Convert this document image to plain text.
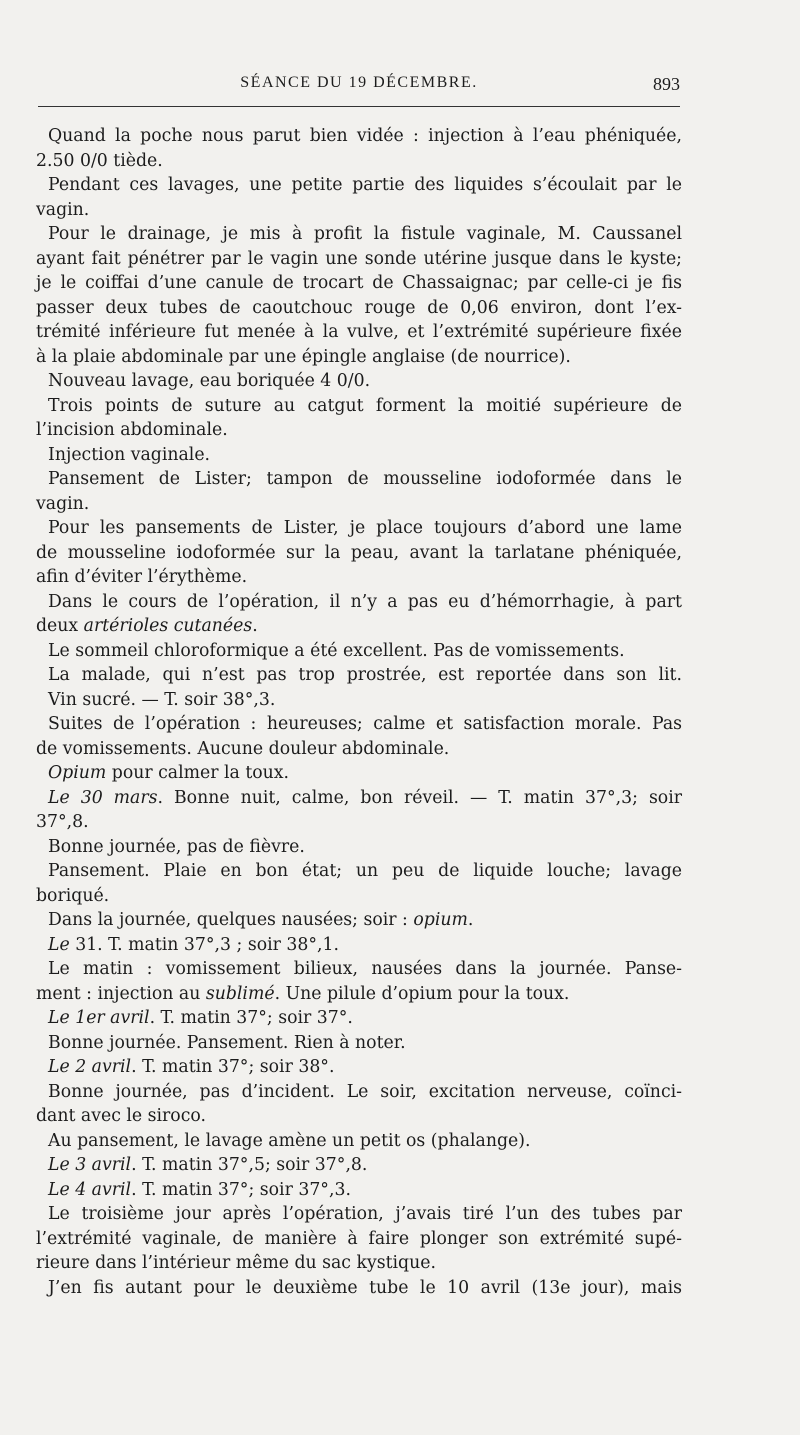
SÉANCE DU 19 DÉCEMBRE.	893
Quand la poche nous parut bien vidée : injection à l’eau phéniquée,
2.50 0/0 tiède.
Pendant ces lavages, une petite partie des liquides s’écoulait par le
vagin.
Pour le drainage, je mis à profit la fistule vaginale, M. Caussanel
ayant fait pénétrer par le vagin une sonde utérine jusque dans le kyste;
je le coiffai d’une canule de trocart de Chassaignac; par celle-ci je fis
passer deux tubes de caoutchouc rouge de 0,06 environ, dont l’ex-
trémité inférieure fut menée à la vulve, et l’extrémité supérieure fixée
à la plaie abdominale par une épingle anglaise (de nourrice).
Nouveau lavage, eau boriquée 4 0/0.
Trois points de suture au catgut forment la moitié supérieure de
l’incision abdominale.
Injection vaginale.
Pansement de Lister; tampon de mousseline iodoformée dans le
vagin.
Pour les pansements de Lister, je place toujours d’abord une lame
de mousseline iodoformée sur la peau, avant la tarlatane phéniquée,
afin d’éviter l’érythème.
Dans le cours de l’opération, il n’y a pas eu d’hémorrhagie, à part
deux artérioles cutanées.
Le sommeil chloroformique a été excellent. Pas de vomissements.
La malade, qui n’est pas trop prostrée, est reportée dans son lit.
Vin sucré. — T. soir 38°,3.
Suites de l’opération : heureuses; calme et satisfaction morale. Pas
de vomissements. Aucune douleur abdominale.
Opium pour calmer la toux.
Le 30 mars. Bonne nuit, calme, bon réveil. — T. matin 37°,3; soir
37°,8.
Bonne journée, pas de fièvre.
Pansement. Plaie en bon état; un peu de liquide louche; lavage
boriqué.
Dans la journée, quelques nausées; soir : opium.
Le 31. T. matin 37°,3 ; soir 38°,1.
Le matin : vomissement bilieux, nausées dans la journée. Panse-
ment : injection au sublimé. Une pilule d’opium pour la toux.
Le 1er avril. T. matin 37°; soir 37°.
Bonne journée. Pansement. Rien à noter.
Le 2 avril. T. matin 37°; soir 38°.
Bonne journée, pas d’incident. Le soir, excitation nerveuse, coïnci-
dant avec le siroco.
Au pansement, le lavage amène un petit os (phalange).
Le 3 avril. T. matin 37°,5; soir 37°,8.
Le 4 avril. T. matin 37°; soir 37°,3.
Le troisième jour après l’opération, j’avais tiré l’un des tubes par
l’extrémité vaginale, de manière à faire plonger son extrémité supé-
rieure dans l’intérieur même du sac kystique.
J’en fis autant pour le deuxième tube le 10 avril (13e jour), mais
